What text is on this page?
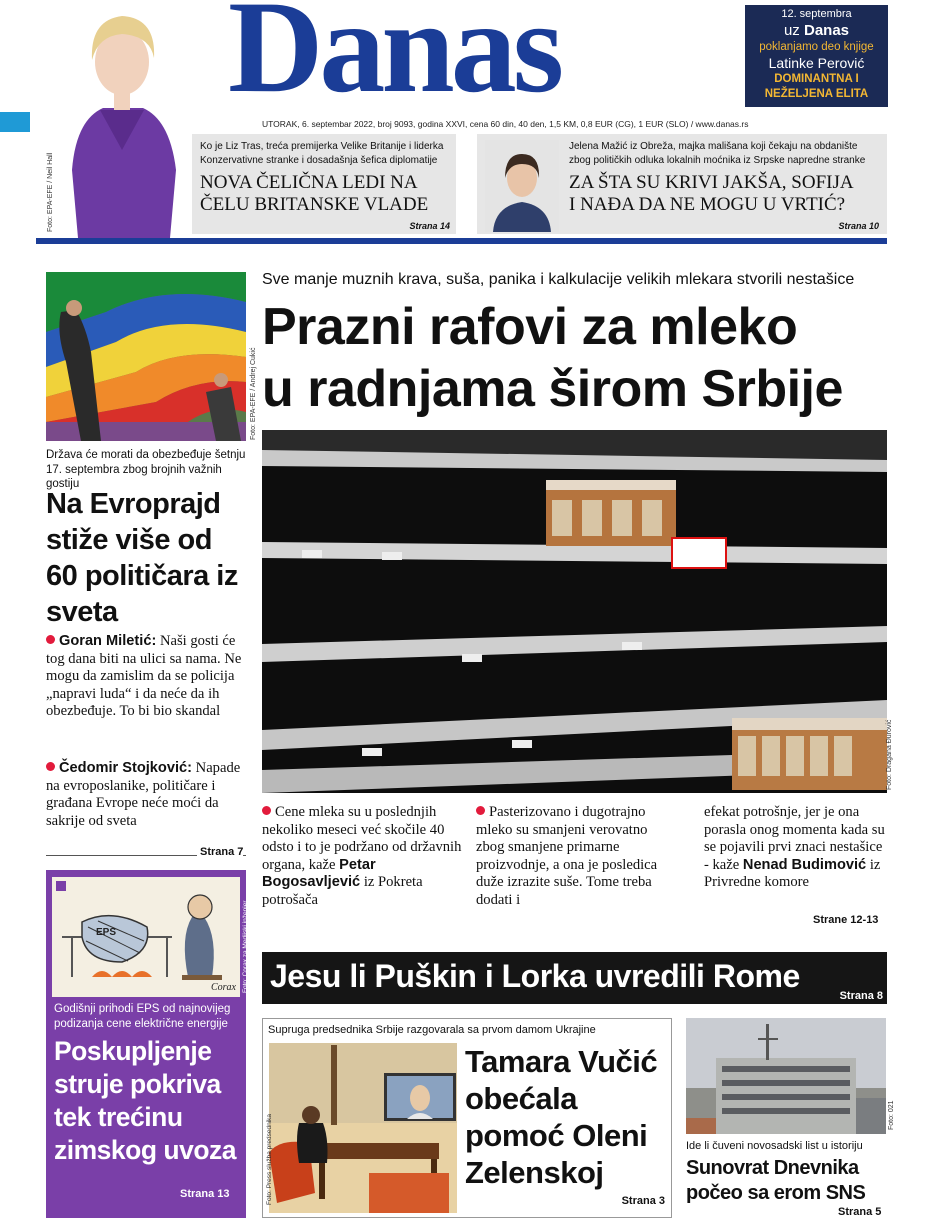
Foto: EPA-EFE / Neil Hall
Danas	12. septembra
uz Danas
poklanjamo deo knjige
Latinke Perović
DOMINANTNA I
NEŽELJENA ELITA
UTORAK, 6. septembar 2022, broj 9093, godina XXVI, cena 60 din, 40 den, 1,5 KM, 0,8 EUR (CG), 1 EUR (SLO) / www.danas.rs
Ko je Liz Tras, treća premijerka Velike Britanije i liderka
Konzervativne stranke i dosadašnja šefica diplomatije
NOVA ČELIČNA LEDI NA
ČELU BRITANSKE VLADE
Strana 14
Jelena Mažić iz Obreža, majka mališana koji čekaju na obdanište
zbog političkih odluka lokalnih moćnika iz Srpske napredne stranke
ZA ŠTA SU KRIVI JAKŠA, SOFIJA
I NAĐA DA NE MOGU U VRTIĆ?
Strana 10
Foto: EPA-EFE / Andrej Cukić
Država će morati da obezbeđuje šetnju 17. septembra zbog brojnih važnih gostiju
Na Evroprajd stiže više od 60 političara iz sveta
Goran Miletić: Naši gosti će tog dana biti na ulici sa nama. Ne mogu da zamislim da se policija „napravi luda“ i da neće da ih obezbeđuje. To bi bio skandal
Čedomir Stojković: Napade na evroposlanike, političare i građana Evrope neće moći da sakrije od sveta
Strana 7
EPS
Corax Foto: Corax za Medijski inženjer
Godišnji prihodi EPS od najnovijeg podizanja cene električne energije
Poskupljenje struje pokriva tek trećinu zimskog uvoza
Strana 13
Sve manje muznih krava, suša, panika i kalkulacije velikih mlekara stvorili nestašice
Prazni rafovi za mleko
u radnjama širom Srbije
Foto: Dragana Đurović
Cene mleka su u poslednjih nekoliko meseci već skočile 40 odsto i to je podržano od državnih organa, kaže Petar Bogosavljević iz Pokreta potrošača
Pasterizovano i dugotrajno mleko su smanjeni verovatno zbog smanjene primarne proizvodnje, a ona je posledica duže izrazite suše. Tome treba dodati i
efekat potrošnje, jer je ona porasla onog momenta kada su se pojavili prvi znaci nestašice - kaže Nenad Budimović iz Privredne komore
Strane 12-13
Jesu li Puškin i Lorka uvredili Rome
Strana 8
Supruga predsednika Srbije razgovarala sa prvom damom Ukrajine
Foto: Press služba predsednika
Tamara Vučić obećala pomoć Oleni Zelenskoj
Strana 3
Foto: 021
Ide li čuveni novosadski list u istoriju
Sunovrat Dnevnika počeo sa erom SNS
Strana 5
